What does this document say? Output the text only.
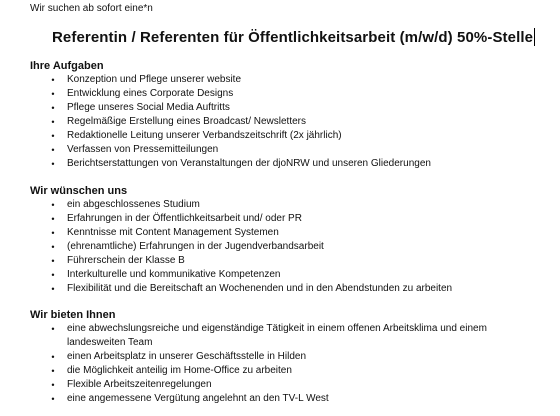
Wir suchen ab sofort eine*n
Referentin / Referenten für Öffentlichkeitsarbeit (m/w/d) 50%-Stelle
Ihre Aufgaben
• Konzeption und Pflege unserer website
• Entwicklung eines Corporate Designs
• Pflege unseres Social Media Auftritts
• Regelmäßige Erstellung eines Broadcast/ Newsletters
• Redaktionelle Leitung unserer Verbandszeitschrift (2x jährlich)
• Verfassen von Pressemitteilungen
• Berichtserstattungen von Veranstaltungen der djoNRW und unseren Gliederungen
Wir wünschen uns
• ein abgeschlossenes Studium
• Erfahrungen in der Öffentlichkeitsarbeit und/ oder PR
• Kenntnisse mit Content Management Systemen
• (ehrenamtliche) Erfahrungen in der Jugendverbandsarbeit
• Führerschein der Klasse B
• Interkulturelle und kommunikative Kompetenzen
• Flexibilität und die Bereitschaft an Wochenenden und in den Abendstunden zu arbeiten
Wir bieten Ihnen
• eine abwechslungsreiche und eigenständige Tätigkeit in einem offenen Arbeitsklima und einem landesweiten Team
• einen Arbeitsplatz in unserer Geschäftsstelle in Hilden
• die Möglichkeit anteilig im Home-Office zu arbeiten
• Flexible Arbeitszeitenregelungen
• eine angemessene Vergütung angelehnt an den TV-L West
